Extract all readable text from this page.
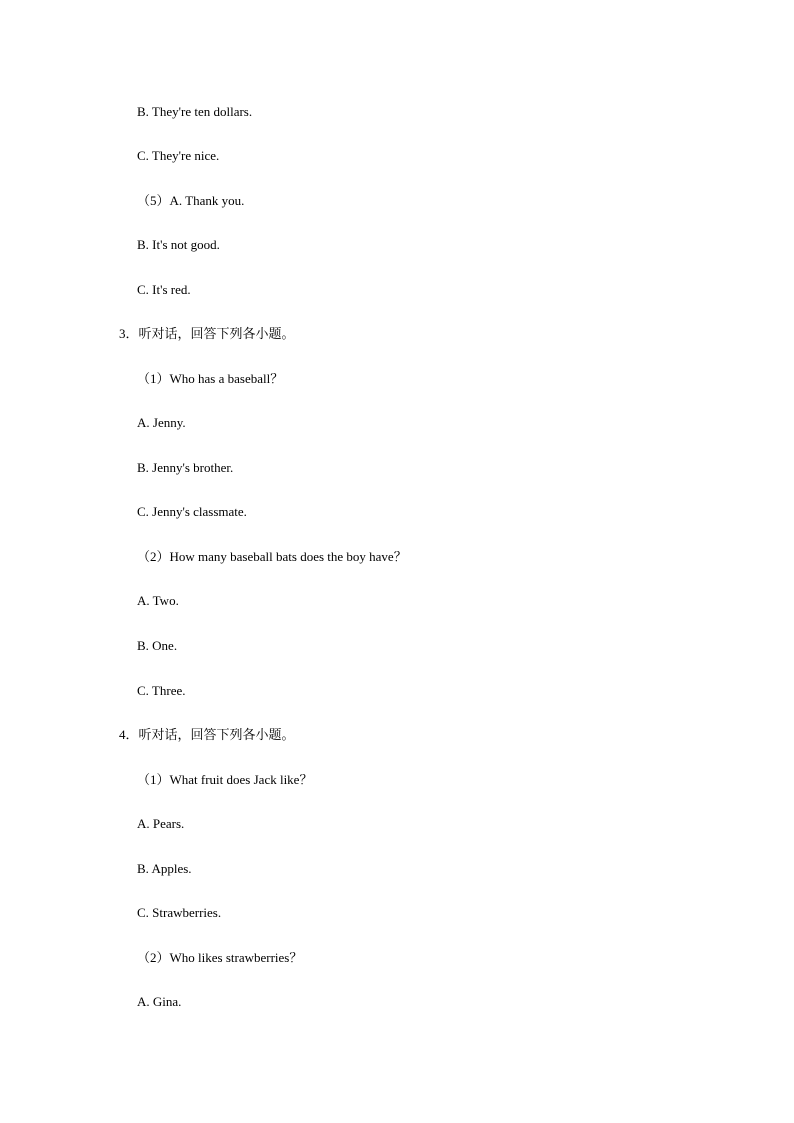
B. They're ten dollars.
C. They're nice.
（5）A. Thank you.
B. It's not good.
C. It's red.
3．听对话，回答下列各小题。
（1）Who has a baseball？
A. Jenny.
B. Jenny's brother.
C. Jenny's classmate.
（2）How many baseball bats does the boy have？
A. Two.
B. One.
C. Three.
4．听对话，回答下列各小题。
（1）What fruit does Jack like？
A. Pears.
B. Apples.
C. Strawberries.
（2）Who likes strawberries？
A. Gina.
